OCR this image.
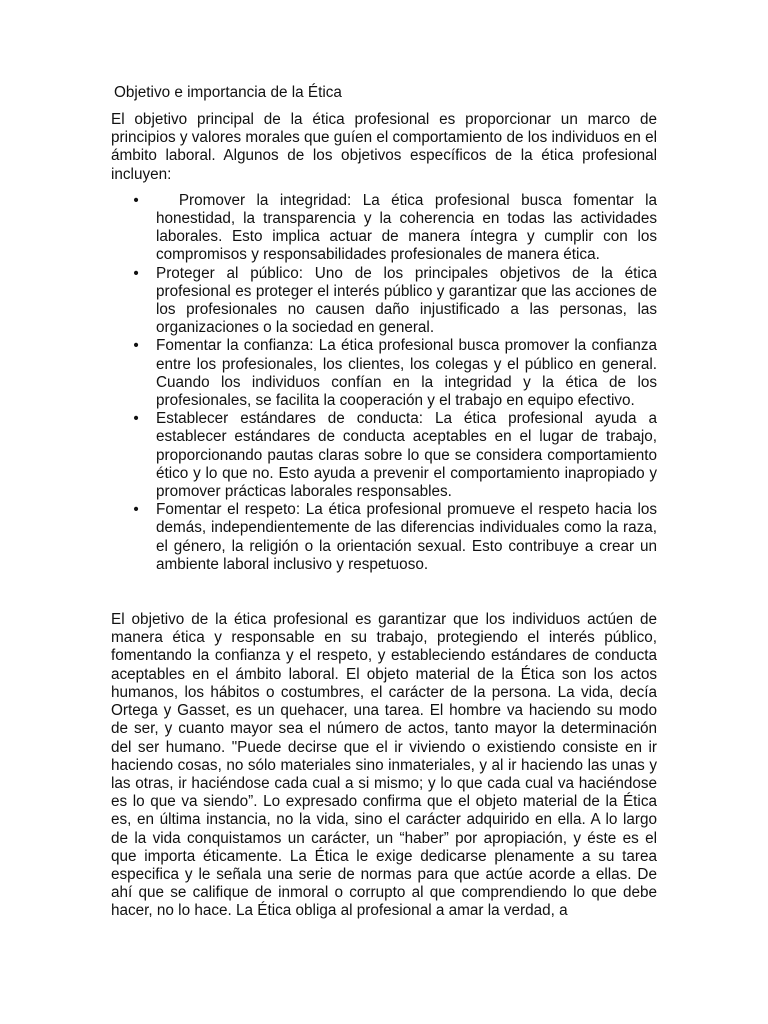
Objetivo e importancia de la Ética

El objetivo principal de la ética profesional es proporcionar un marco de principios y valores morales que guíen el comportamiento de los individuos en el ámbito laboral. Algunos de los objetivos específicos de la ética profesional incluyen:

• Promover la integridad: La ética profesional busca fomentar la honestidad, la transparencia y la coherencia en todas las actividades laborales. Esto implica actuar de manera íntegra y cumplir con los compromisos y responsabilidades profesionales de manera ética.
• Proteger al público: Uno de los principales objetivos de la ética profesional es proteger el interés público y garantizar que las acciones de los profesionales no causen daño injustificado a las personas, las organizaciones o la sociedad en general.
• Fomentar la confianza: La ética profesional busca promover la confianza entre los profesionales, los clientes, los colegas y el público en general. Cuando los individuos confían en la integridad y la ética de los profesionales, se facilita la cooperación y el trabajo en equipo efectivo.
• Establecer estándares de conducta: La ética profesional ayuda a establecer estándares de conducta aceptables en el lugar de trabajo, proporcionando pautas claras sobre lo que se considera comportamiento ético y lo que no. Esto ayuda a prevenir el comportamiento inapropiado y promover prácticas laborales responsables.
• Fomentar el respeto: La ética profesional promueve el respeto hacia los demás, independientemente de las diferencias individuales como la raza, el género, la religión o la orientación sexual. Esto contribuye a crear un ambiente laboral inclusivo y respetuoso.

El objetivo de la ética profesional es garantizar que los individuos actúen de manera ética y responsable en su trabajo, protegiendo el interés público, fomentando la confianza y el respeto, y estableciendo estándares de conducta aceptables en el ámbito laboral. El objeto material de la Ética son los actos humanos, los hábitos o costumbres, el carácter de la persona. La vida, decía Ortega y Gasset, es un quehacer, una tarea. El hombre va haciendo su modo de ser, y cuanto mayor sea el número de actos, tanto mayor la determinación del ser humano. "Puede decirse que el ir viviendo o existiendo consiste en ir haciendo cosas, no sólo materiales sino inmateriales, y al ir haciendo las unas y las otras, ir haciéndose cada cual a si mismo; y lo que cada cual va haciéndose es lo que va siendo”. Lo expresado confirma que el objeto material de la Ética es, en última instancia, no la vida, sino el carácter adquirido en ella. A lo largo de la vida conquistamos un carácter, un “haber” por apropiación, y éste es el que importa éticamente. La Ética le exige dedicarse plenamente a su tarea especifica y le señala una serie de normas para que actúe acorde a ellas. De ahí que se califique de inmoral o corrupto al que comprendiendo lo que debe hacer, no lo hace. La Ética obliga al profesional a amar la verdad, a
